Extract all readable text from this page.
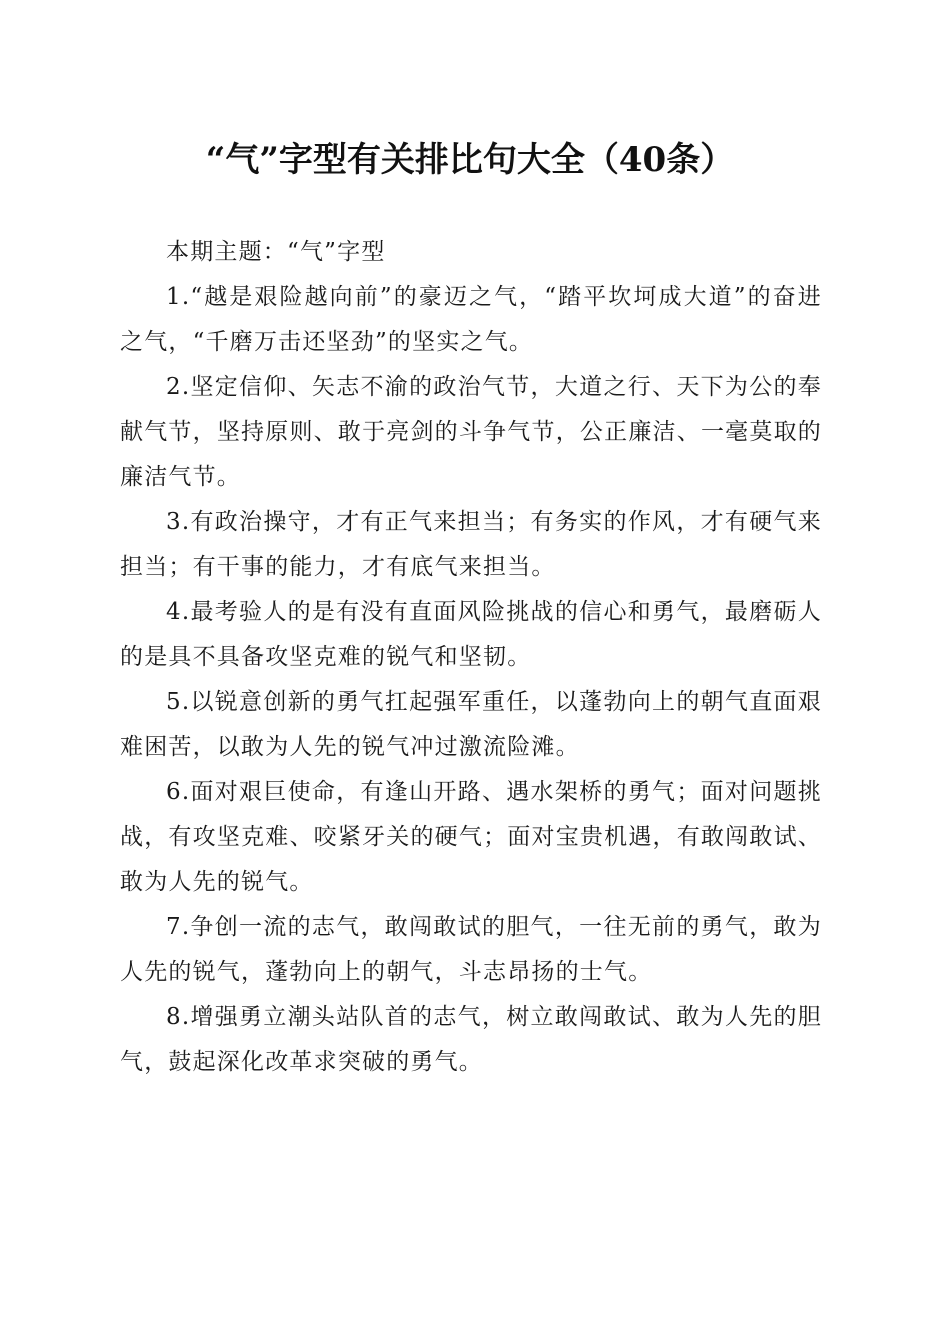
“气”字型有关排比句大全（40条）

本期主题：“气”字型

1.“越是艰险越向前”的豪迈之气，“踏平坎坷成大道”的奋进之气，“千磨万击还坚劲”的坚实之气。

2.坚定信仰、矢志不渝的政治气节，大道之行、天下为公的奉献气节，坚持原则、敢于亮剑的斗争气节，公正廉洁、一毫莫取的廉洁气节。

3.有政治操守，才有正气来担当；有务实的作风，才有硬气来担当；有干事的能力，才有底气来担当。

4.最考验人的是有没有直面风险挑战的信心和勇气，最磨砺人的是具不具备攻坚克难的锐气和坚韧。

5.以锐意创新的勇气扛起强军重任，以蓬勃向上的朝气直面艰难困苦，以敢为人先的锐气冲过激流险滩。

6.面对艰巨使命，有逢山开路、遇水架桥的勇气；面对问题挑战，有攻坚克难、咬紧牙关的硬气；面对宝贵机遇，有敢闯敢试、敢为人先的锐气。

7.争创一流的志气，敢闯敢试的胆气，一往无前的勇气，敢为人先的锐气，蓬勃向上的朝气，斗志昂扬的士气。

8.增强勇立潮头站队首的志气，树立敢闯敢试、敢为人先的胆气，鼓起深化改革求突破的勇气。
